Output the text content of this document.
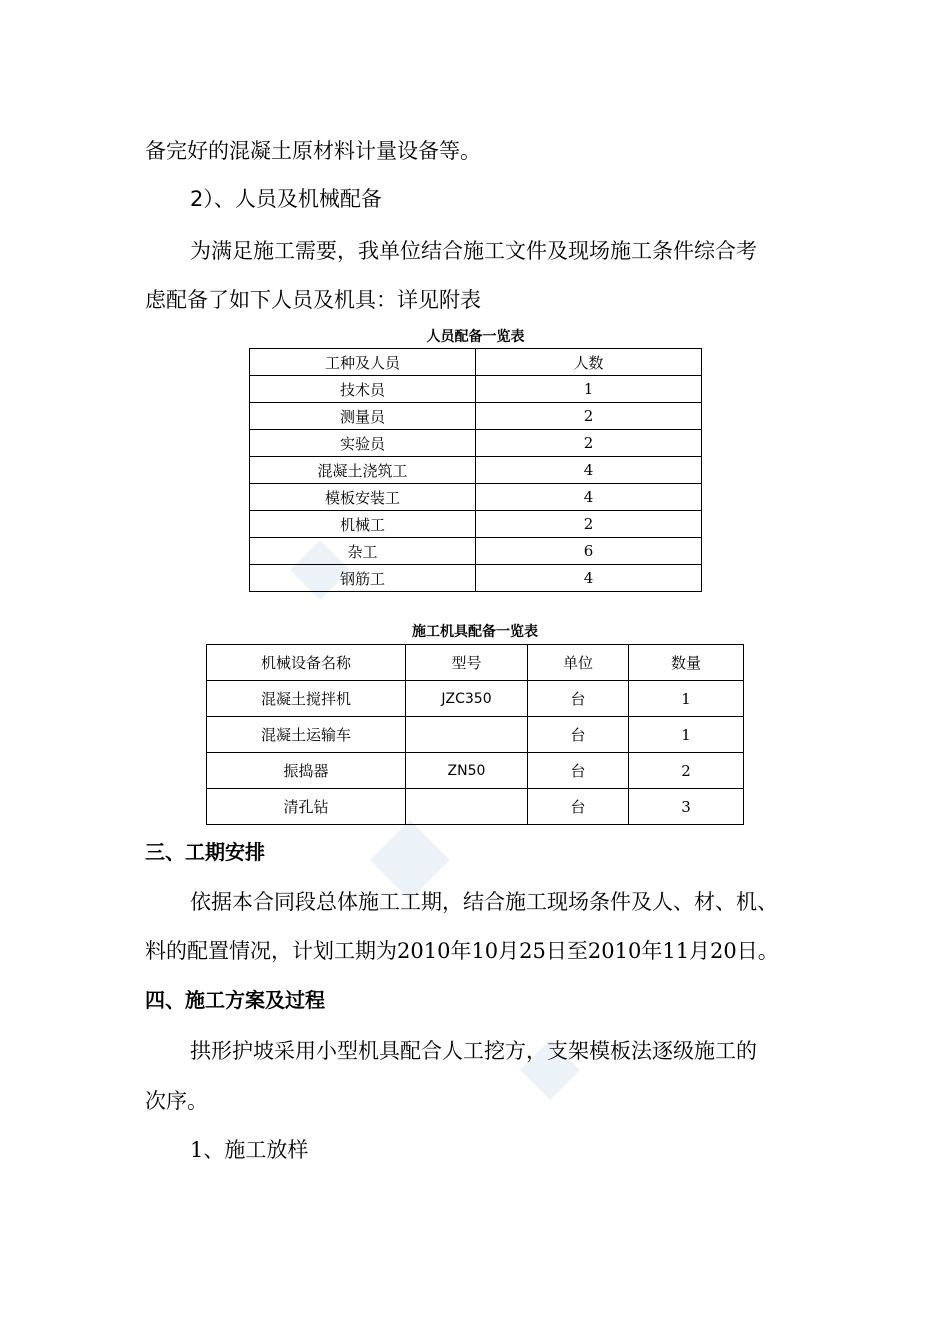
备完好的混凝土原材料计量设备等。
2）、人员及机械配备
为满足施工需要，我单位结合施工文件及现场施工条件综合考
虑配备了如下人员及机具：详见附表
人员配备一览表
工种及人员	人数
技术员	1
测量员	2
实验员	2
混凝土浇筑工	4
模板安装工	4
机械工	2
杂工	6
钢筋工	4
施工机具配备一览表
机械设备名称	型号	单位	数量
混凝土搅拌机	JZC350	台	1
混凝土运输车		台	1
振捣器	ZN50	台	2
清孔钻		台	3
三、工期安排
依据本合同段总体施工工期，结合施工现场条件及人、材、机、
料的配置情况，计划工期为2010年10月25日至2010年11月20日。
四、施工方案及过程
拱形护坡采用小型机具配合人工挖方，支架模板法逐级施工的
次序。
1、施工放样
